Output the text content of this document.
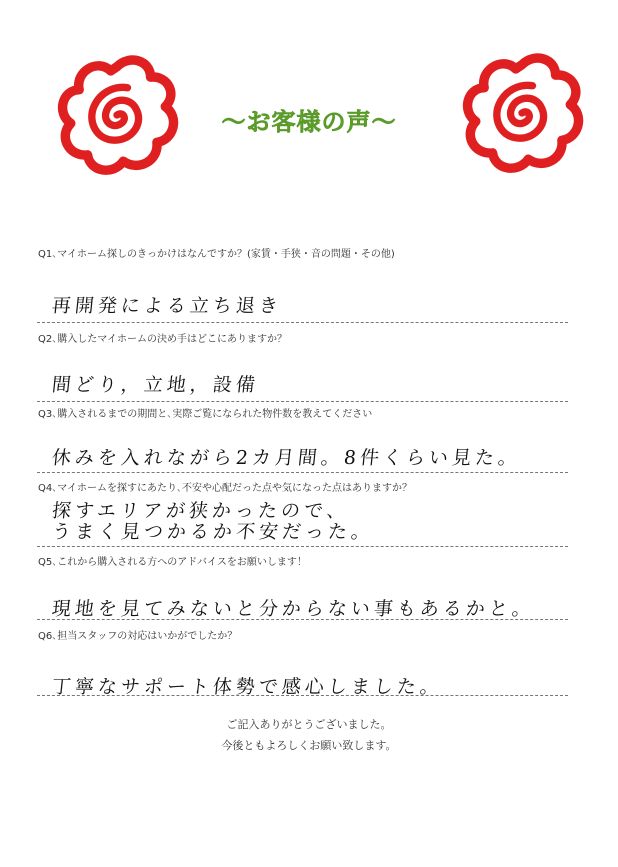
〜お客様の声〜
Q1､マイホーム探しのきっかけはなんですか？(家賃・手狭・音の問題・その他)
再開発による立ち退き
Q2､購入したマイホームの決め手はどこにありますか？
間どり，立地，設備
Q3､購入されるまでの期間と､実際ご覧になられた物件数を教えてください
休みを入れながら2カ月間。8件くらい見た。
Q4､マイホームを探すにあたり､不安や心配だった点や気になった点はありますか？
探すエリアが狭かったので、
うまく見つかるか不安だった。
Q5､これから購入される方へのアドバイスをお願いします！
現地を見てみないと分からない事もあるかと。
Q6､担当スタッフの対応はいかがでしたか？
丁寧なサポート体勢で感心しました。
ご記入ありがとうございました。
今後ともよろしくお願い致します。
